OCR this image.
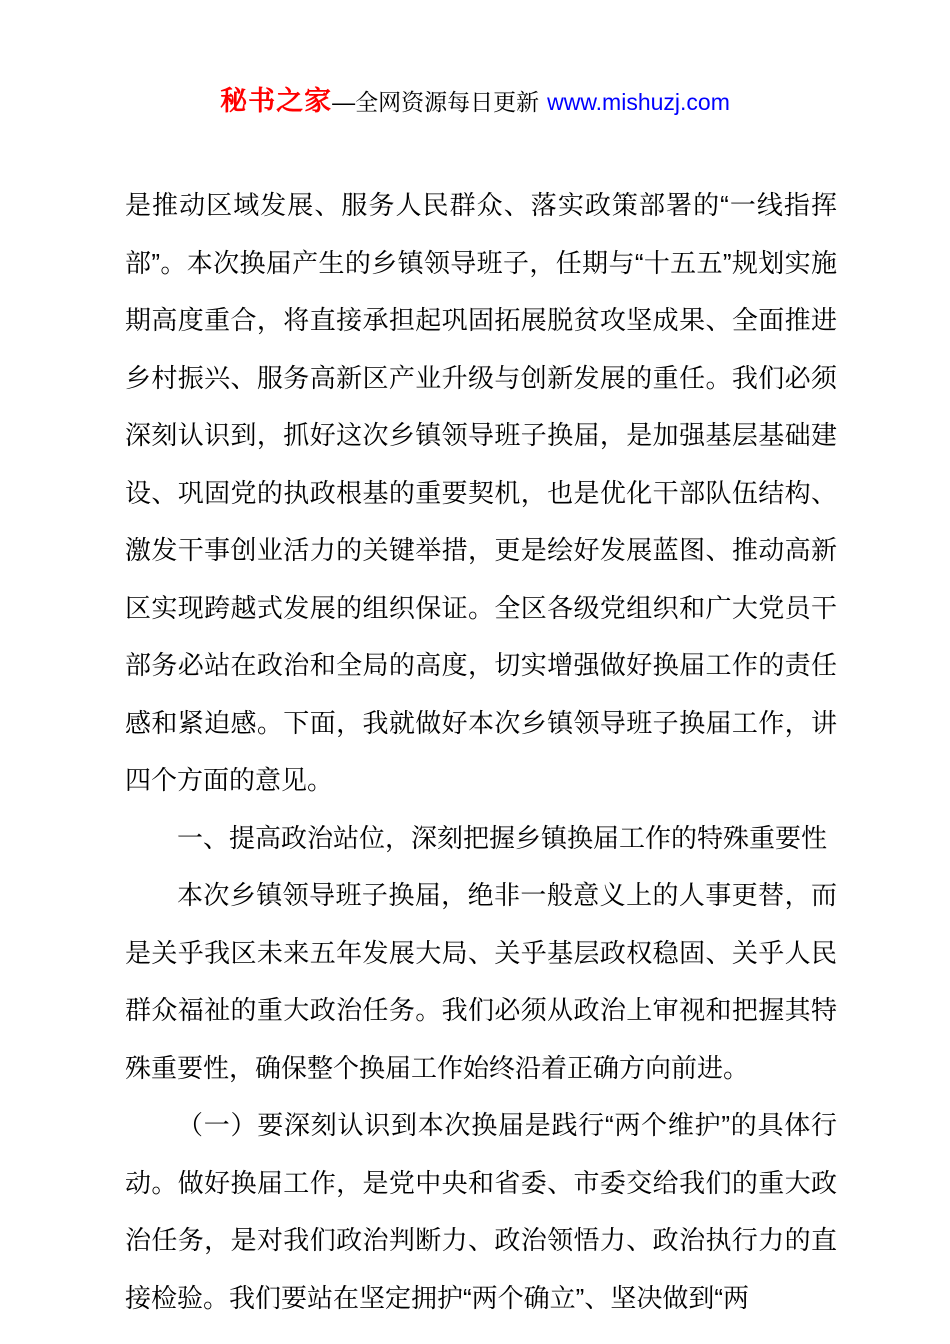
秘书之家—全网资源每日更新 www.mishuzj.com

是推动区域发展、服务人民群众、落实政策部署的“一线指挥部”。本次换届产生的乡镇领导班子，任期与“十五五”规划实施期高度重合，将直接承担起巩固拓展脱贫攻坚成果、全面推进乡村振兴、服务高新区产业升级与创新发展的重任。我们必须深刻认识到，抓好这次乡镇领导班子换届，是加强基层基础建设、巩固党的执政根基的重要契机，也是优化干部队伍结构、激发干事创业活力的关键举措，更是绘好发展蓝图、推动高新区实现跨越式发展的组织保证。全区各级党组织和广大党员干部务必站在政治和全局的高度，切实增强做好换届工作的责任感和紧迫感。下面，我就做好本次乡镇领导班子换届工作，讲四个方面的意见。

一、提高政治站位，深刻把握乡镇换届工作的特殊重要性

本次乡镇领导班子换届，绝非一般意义上的人事更替，而是关乎我区未来五年发展大局、关乎基层政权稳固、关乎人民群众福祉的重大政治任务。我们必须从政治上审视和把握其特殊重要性，确保整个换届工作始终沿着正确方向前进。

（一）要深刻认识到本次换届是践行“两个维护”的具体行动。做好换届工作，是党中央和省委、市委交给我们的重大政治任务，是对我们政治判断力、政治领悟力、政治执行力的直接检验。我们要站在坚定拥护“两个确立”、坚决做到“两
